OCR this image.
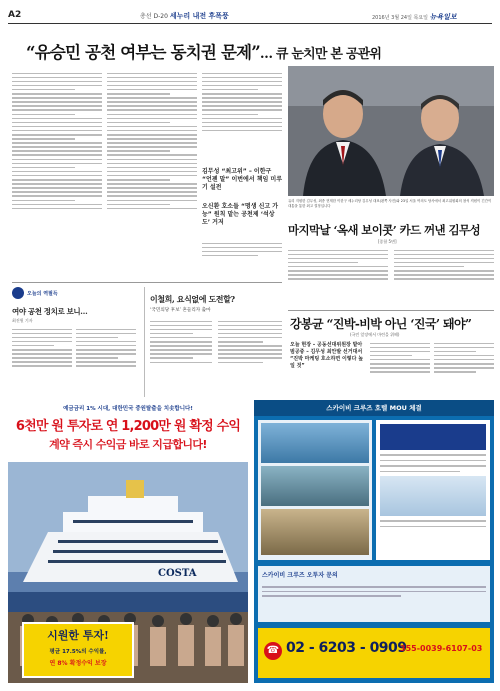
A2	총선 D-20 세누리 내전 후폭풍	2016년 3월 24일 목요일 뉴욕일보
“유승민 공천 여부는 동치권 문제”… 큐 눈치만 본 공관위
김무성 “최고위” – 이한구 “언젠 말” 이번에서 책임 미루기 설전
오신환 호소들 “명생 신고 가능” 원칙 맡는 공천제 ‘석상도’ 거저
유리 지원한 김무성, 최종 현재한 이한구 세누리당 김무성 대표(왼쪽 사진)와 23일 서울 여의도 당사에서 최고위원회의 참석 직원이 긴간이 대통을 통한 최고 결정입니다
마지막날 ‘옥새 보이콧’ 카드 꺼낸 김무성
[종합 5면]
오늘의 역필득
여야 공천 정치로 보니…
최진원 기자
이철희, 요식없에 도전할?
‘국민의당 후보’ 흔들리자 출마
강봉균 “진박-비박 아닌 ‘진국’ 돼야”
(국민 앞장에서 마련을 위해)
오늘 현장 – 공동선대위원장 맡아 범공중 – 김무성 최안발 선거대서 “진박 마케팅 호소하면 이렇다 높일 것”
예금금리 1% 시대, 대한민국 중원탈출을 치솟합니다!
6천만 원 투자로 연 1,200만 원 확정 수익
계약 즉시 수익금 바로 지급합니다!
COSTA
시원한 투자!
평균 17.5%의 수익률,
연 8% 확정수익 보장
스카이비 크루즈 호텔 MOU 체결
스카이비 크루즈 오투자 문의
☎ 02 - 6203 - 0909
355-0039-6107-03
